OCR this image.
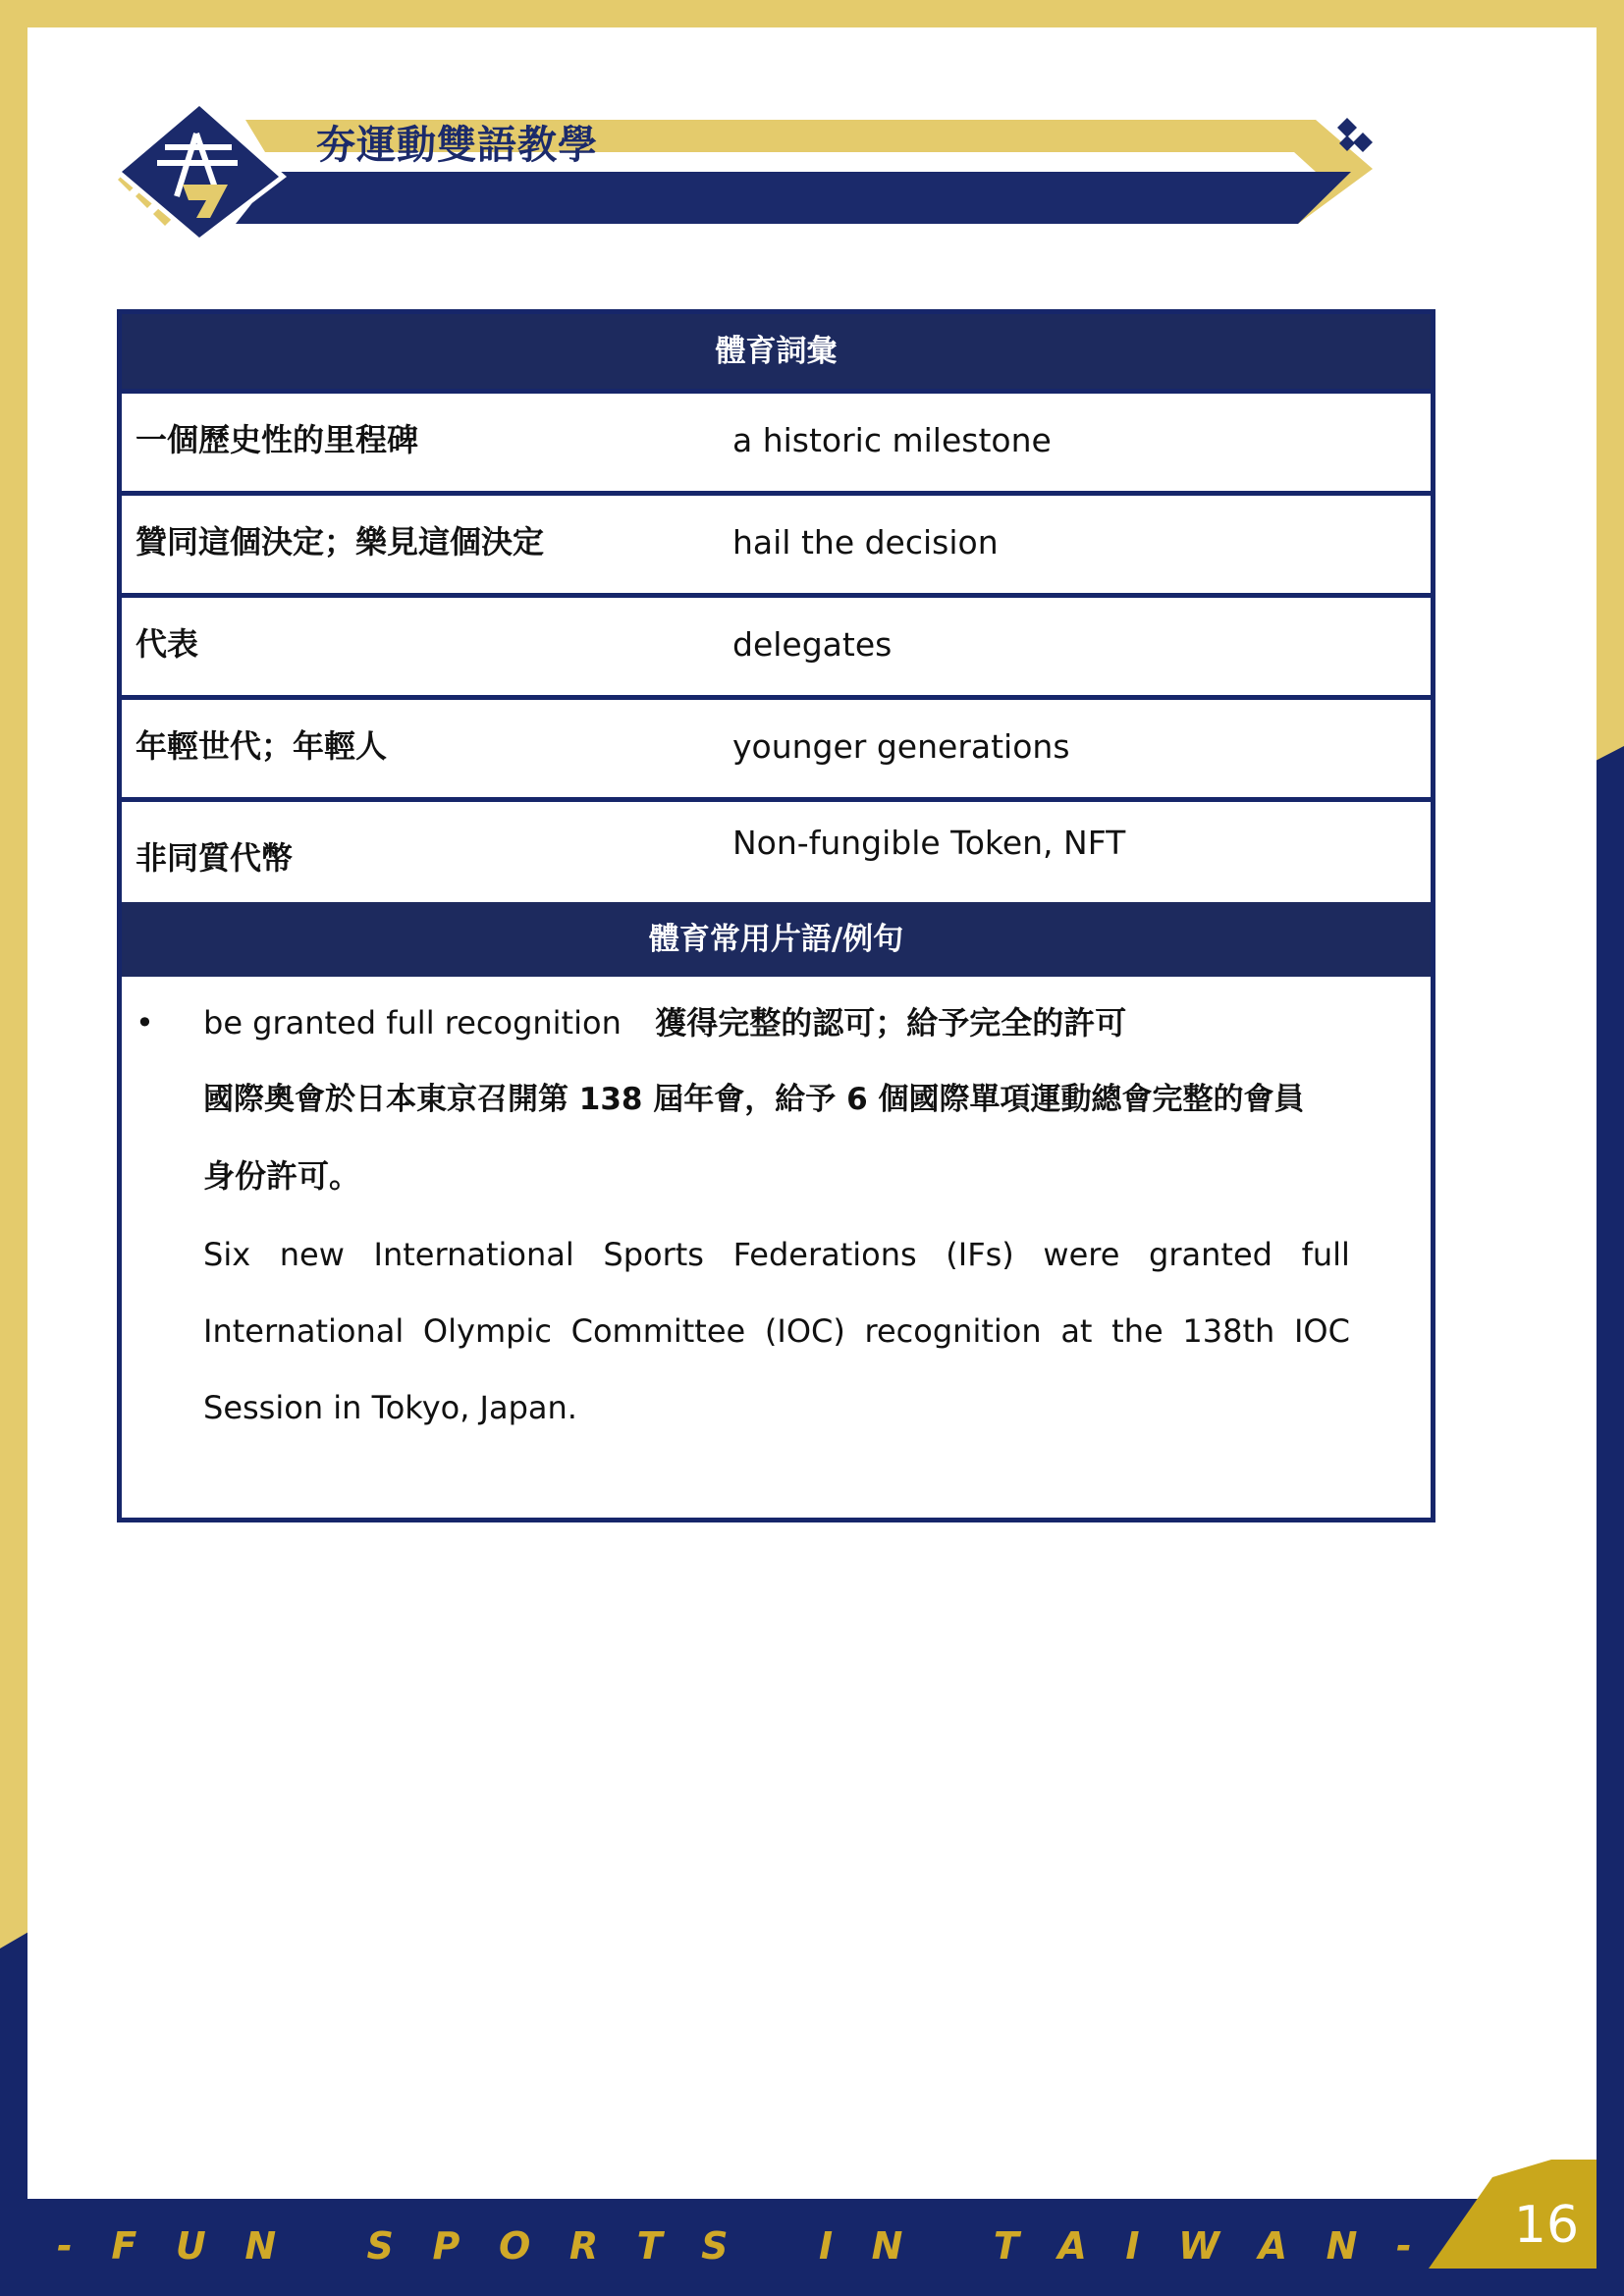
夯運動雙語教學
體育詞彙
一個歷史性的里程碑	a historic milestone
贊同這個決定；樂見這個決定	hail the decision
代表	delegates
年輕世代；年輕人	younger generations
非同質代幣	Non-fungible Token, NFT
體育常用片語/例句
• be granted full recognition 獲得完整的認可；給予完全的許可
國際奧會於日本東京召開第 138 屆年會，給予 6 個國際單項運動總會完整的會員
身份許可。
Six new International Sports Federations (IFs) were granted full
International Olympic Committee (IOC) recognition at the 138th IOC
Session in Tokyo, Japan.
- F U N
S P O R T S
I N
T A I W A N - 16
